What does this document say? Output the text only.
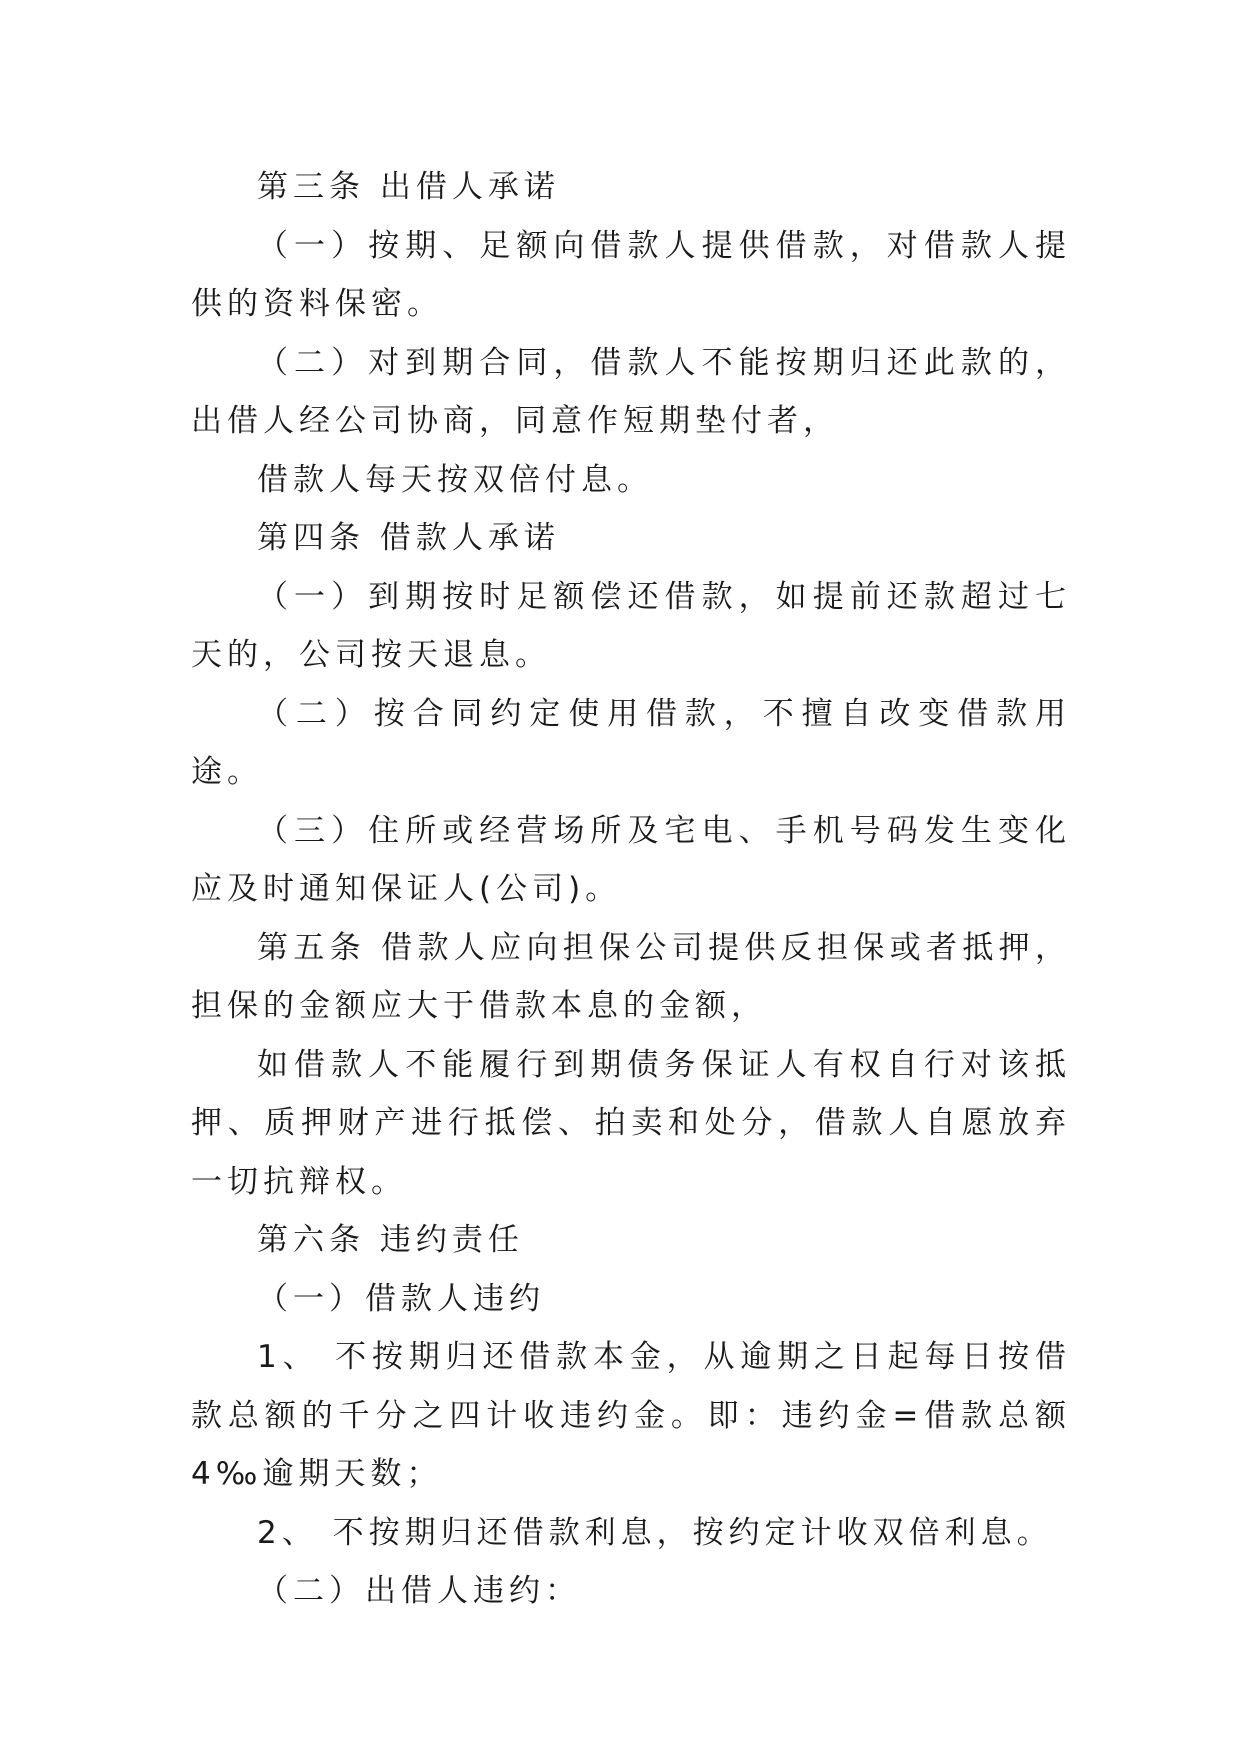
第三条 出借人承诺

（一）按期、足额向借款人提供借款，对借款人提供的资料保密。

（二）对到期合同，借款人不能按期归还此款的，出借人经公司协商，同意作短期垫付者，

借款人每天按双倍付息。

第四条 借款人承诺

（一）到期按时足额偿还借款，如提前还款超过七天的，公司按天退息。

（二）按合同约定使用借款，不擅自改变借款用途。

（三）住所或经营场所及宅电、手机号码发生变化应及时通知保证人(公司)。

第五条 借款人应向担保公司提供反担保或者抵押，担保的金额应大于借款本息的金额，

如借款人不能履行到期债务保证人有权自行对该抵押、质押财产进行抵偿、拍卖和处分，借款人自愿放弃一切抗辩权。

第六条 违约责任

（一）借款人违约

1、 不按期归还借款本金，从逾期之日起每日按借款总额的千分之四计收违约金。即：违约金=借款总额 4‰逾期天数；

2、 不按期归还借款利息，按约定计收双倍利息。

（二）出借人违约：
